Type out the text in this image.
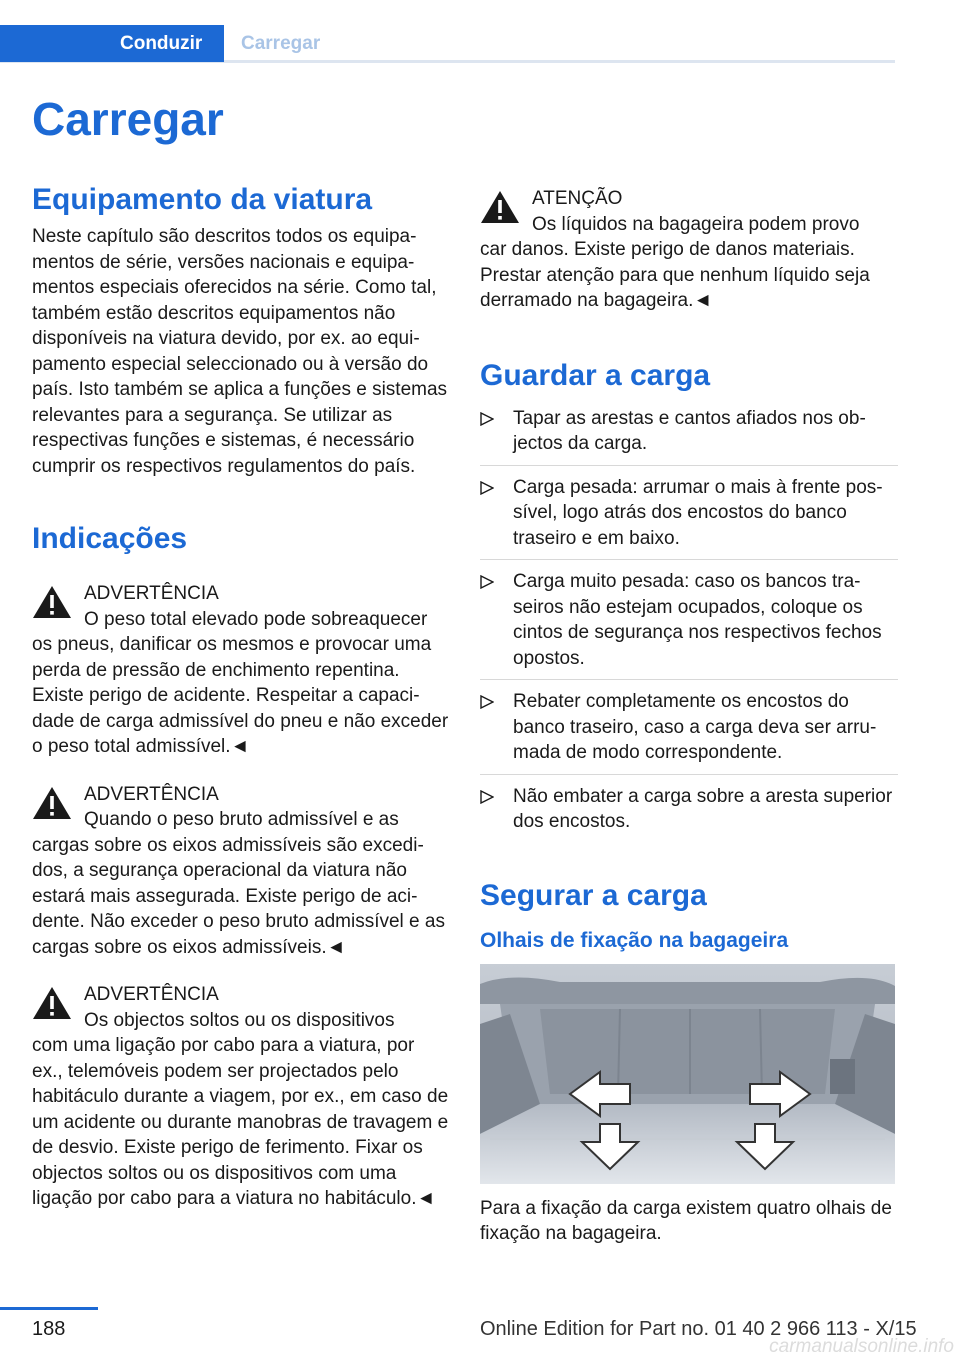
Conduzir	Carregar
Carregar
Equipamento da viatura

Neste capítulo são descritos todos os equipamentos de série, versões nacionais e equipamentos especiais oferecidos na série. Como tal, também estão descritos equipamentos não disponíveis na viatura devido, por ex. ao equipamento especial seleccionado ou à versão do país. Isto também se aplica a funções e sistemas relevantes para a segurança. Se utilizar as respectivas funções e sistemas, é necessário cumprir os respectivos regulamentos do país.

Indicações
ADVERTÊNCIA
O peso total elevado pode sobreaquecer
os pneus, danificar os mesmos e provocar uma perda de pressão de enchimento repentina. Existe perigo de acidente. Respeitar a capacidade de carga admissível do pneu e não exceder o peso total admissível.◄
ADVERTÊNCIA
Quando o peso bruto admissível e as
cargas sobre os eixos admissíveis são excedidos, a segurança operacional da viatura não estará mais assegurada. Existe perigo de acidente. Não exceder o peso bruto admissível e as cargas sobre os eixos admissíveis.◄
ADVERTÊNCIA
Os objectos soltos ou os dispositivos
com uma ligação por cabo para a viatura, por ex., telemóveis podem ser projectados pelo habitáculo durante a viagem, por ex., em caso de um acidente ou durante manobras de travagem e de desvio. Existe perigo de ferimento. Fixar os objectos soltos ou os dispositivos com uma ligação por cabo para a viatura no habitáculo.◄
ATENÇÃO
Os líquidos na bagageira podem provo
car danos. Existe perigo de danos materiais. Prestar atenção para que nenhum líquido seja derramado na bagageira.◄
Guardar a carga
Tapar as arestas e cantos afiados nos objectos da carga.
Carga pesada: arrumar o mais à frente possível, logo atrás dos encostos do banco traseiro e em baixo.
Carga muito pesada: caso os bancos traseiros não estejam ocupados, coloque os cintos de segurança nos respectivos fechos opostos.
Rebater completamente os encostos do banco traseiro, caso a carga deva ser arrumada de modo correspondente.
Não embater a carga sobre a aresta superior dos encostos.
Segurar a carga
Olhais de fixação na bagageira

Para a fixação da carga existem quatro olhais de fixação na bagageira.

188	Online Edition for Part no. 01 40 2 966 113 - X/15
carmanualsonline.info
